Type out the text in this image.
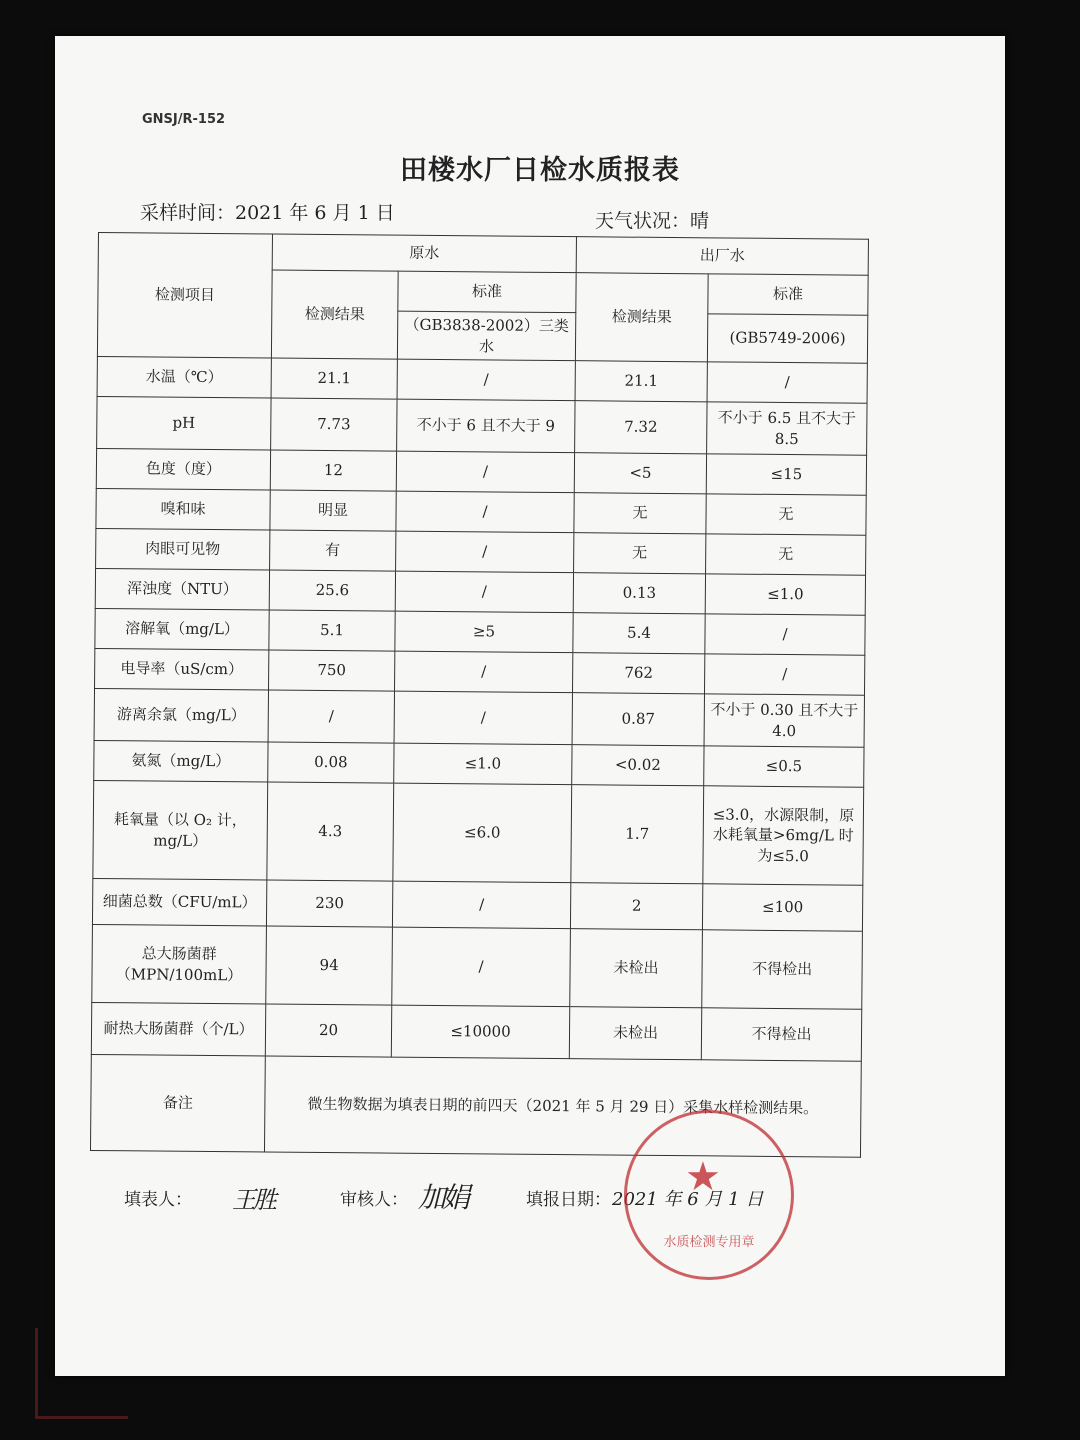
GNSJ/R-152
田楼水厂日检水质报表
采样时间：2021 年 6 月 1 日	天气状况：晴
检测项目	原水		出厂水	
	检测结果	标准	检测结果	标准
		（GB3838-2002）三类水		(GB5749-2006)
水温（℃）	21.1	/	21.1	/
pH	7.73	不小于 6 且不大于 9	7.32	不小于 6.5 且不大于 8.5
色度（度）	12	/	<5	≤15
嗅和味	明显	/	无	无
肉眼可见物	有	/	无	无
浑浊度（NTU）	25.6	/	0.13	≤1.0
溶解氧（mg/L）	5.1	≥5	5.4	/
电导率（uS/cm）	750	/	762	/
游离余氯（mg/L）	/	/	0.87	不小于 0.30 且不大于 4.0
氨氮（mg/L）	0.08	≤1.0	<0.02	≤0.5
耗氧量（以 O₂ 计，mg/L）	4.3	≤6.0	1.7	≤3.0，水源限制，原水耗氧量>6mg/L 时为≤5.0
细菌总数（CFU/mL）	230	/	2	≤100
总大肠菌群（MPN/100mL）	94	/	未检出	不得检出
耐热大肠菌群（个/L）	20	≤10000	未检出	不得检出
备注	微生物数据为填表日期的前四天（2021 年 5 月 29 日）采集水样检测结果。			
填表人： 王胜	审核人： 加娟	填报日期： 2021 年 6 月 1 日
★
水质检测专用章
